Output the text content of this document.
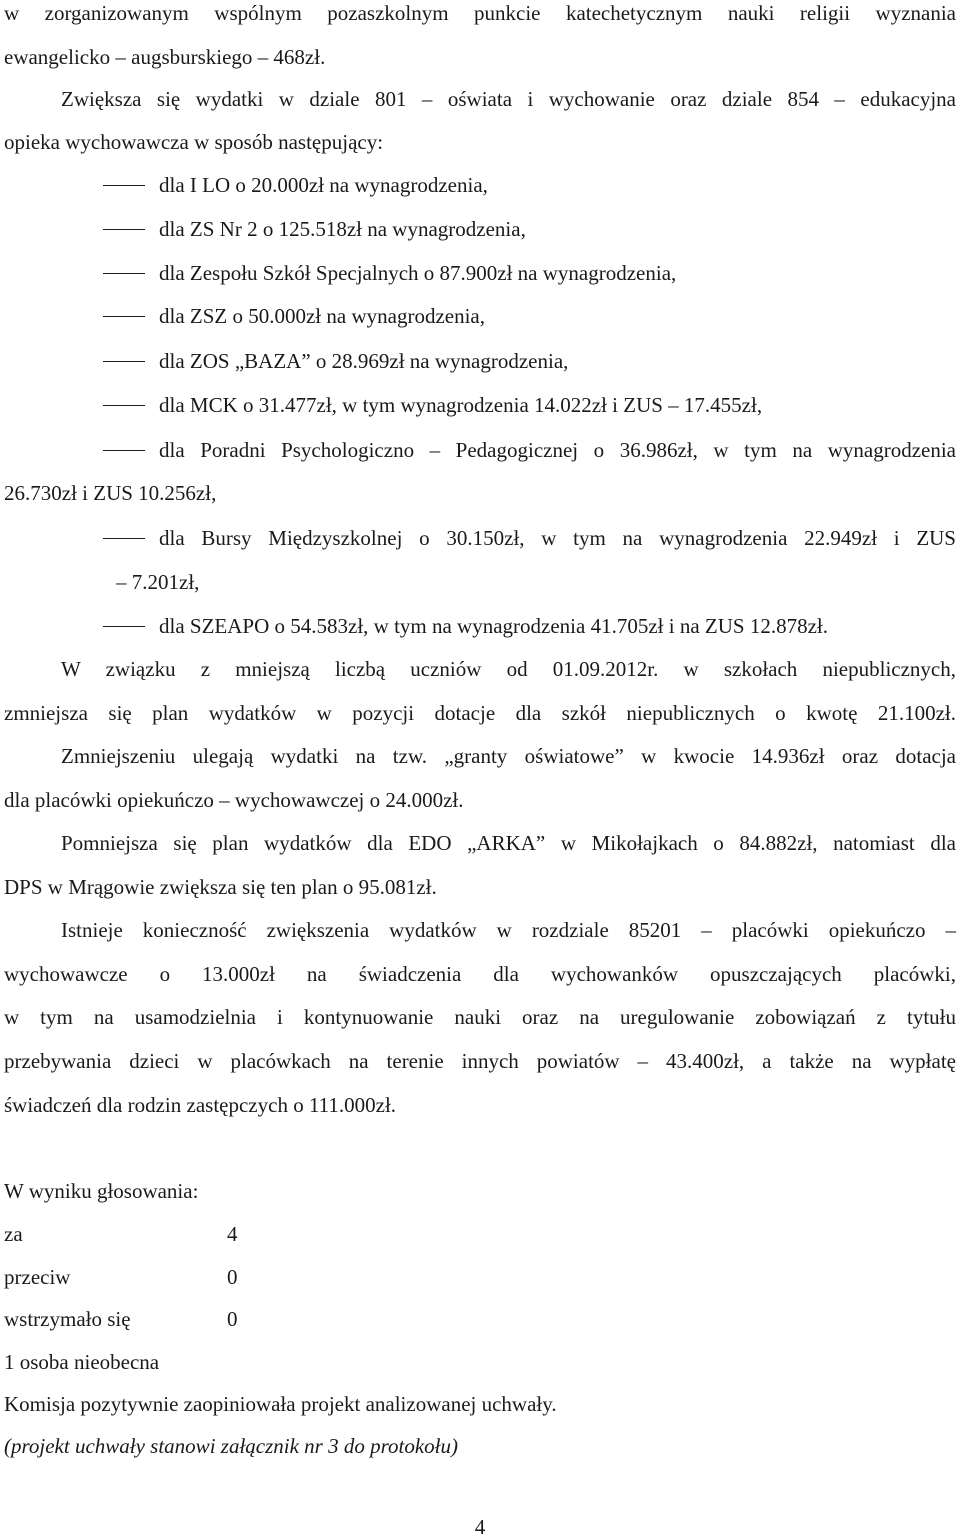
w zorganizowanym wspólnym pozaszkolnym punkcie katechetycznym nauki religii wyznania
ewangelicko – augsburskiego – 468zł.
Zwiększa się wydatki w dziale 801 – oświata i wychowanie oraz dziale 854 – edukacyjna
opieka wychowawcza w sposób następujący:
dla I LO o 20.000zł na wynagrodzenia,
dla ZS Nr 2 o 125.518zł na wynagrodzenia,
dla Zespołu Szkół Specjalnych o 87.900zł na wynagrodzenia,
dla ZSZ o 50.000zł na wynagrodzenia,
dla ZOS „BAZA” o 28.969zł na wynagrodzenia,
dla MCK o 31.477zł, w tym wynagrodzenia 14.022zł i ZUS – 17.455zł,
dla Poradni Psychologiczno – Pedagogicznej o 36.986zł, w tym na wynagrodzenia
26.730zł i ZUS 10.256zł,
dla Bursy Międzyszkolnej o 30.150zł, w tym na wynagrodzenia 22.949zł i ZUS
– 7.201zł,
dla SZEAPO o 54.583zł, w tym na wynagrodzenia 41.705zł i na ZUS 12.878zł.
W związku z mniejszą liczbą uczniów od 01.09.2012r. w szkołach niepublicznych,
zmniejsza się plan wydatków w pozycji dotacje dla szkół niepublicznych o kwotę 21.100zł.
Zmniejszeniu ulegają wydatki na tzw. „granty oświatowe” w kwocie 14.936zł oraz dotacja
dla placówki opiekuńczo – wychowawczej o 24.000zł.
Pomniejsza się plan wydatków dla EDO „ARKA” w Mikołajkach o 84.882zł, natomiast dla
DPS w Mrągowie zwiększa się ten plan o 95.081zł.
Istnieje konieczność zwiększenia wydatków w rozdziale 85201 – placówki opiekuńczo –
wychowawcze o 13.000zł na świadczenia dla wychowanków opuszczających placówki,
w tym na usamodzielnia i kontynuowanie nauki oraz na uregulowanie zobowiązań z tytułu
przebywania dzieci w placówkach na terenie innych powiatów – 43.400zł, a także na wypłatę
świadczeń dla rodzin zastępczych o 111.000zł.
W wyniku głosowania:
za	4
przeciw	0
wstrzymało się	0
1 osoba nieobecna
Komisja pozytywnie zaopiniowała projekt analizowanej uchwały.
(projekt uchwały stanowi załącznik nr 3 do protokołu)
4
